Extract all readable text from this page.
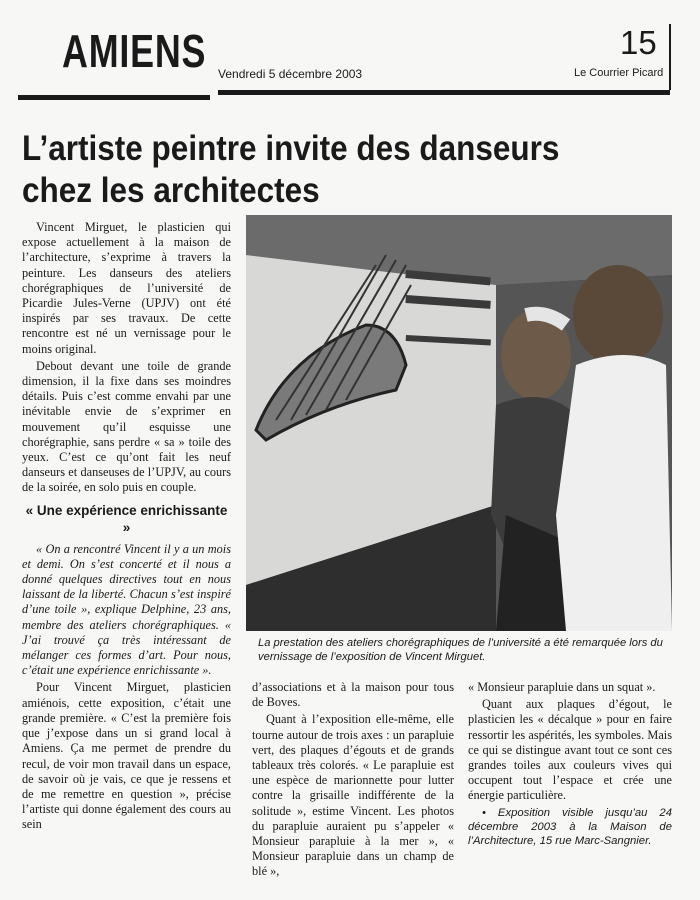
AMIENS Vendredi 5 décembre 2003	Le Courrier Picard
15
L’artiste peintre invite des danseurs chez les architectes

Vincent Mirguet, le plasticien qui expose actuellement à la maison de l’architecture, s’exprime à travers la peinture. Les danseurs des ateliers chorégraphiques de l’université de Picardie Jules-Verne (UPJV) ont été inspirés par ses travaux. De cette rencontre est né un vernissage pour le moins original.

Debout devant une toile de grande dimension, il la fixe dans ses moindres détails. Puis c’est comme envahi par une inévitable envie de s’exprimer en mouvement qu’il esquisse une chorégraphie, sans perdre « sa » toile des yeux. C’est ce qu’ont fait les neuf danseurs et danseuses de l’UPJV, au cours de la soirée, en solo puis en couple.

« Une expérience enrichissante »

« On a rencontré Vincent il y a un mois et demi. On s’est concerté et il nous a donné quelques directives tout en nous laissant de la liberté. Chacun s’est inspiré d’une toile », explique Delphine, 23 ans, membre des ateliers chorégraphiques. « J’ai trouvé ça très intéressant de mélanger ces formes d’art. Pour nous, c’était une expérience enrichissante ».

Pour Vincent Mirguet, plasticien amiénois, cette exposition, c’était une grande première. « C’est la première fois que j’expose dans un si grand local à Amiens. Ça me permet de prendre du recul, de voir mon travail dans un espace, de savoir où je vais, ce que je ressens et de me remettre en question », précise l’artiste qui donne également des cours au sein

La prestation des ateliers chorégraphiques de l’université a été remarquée lors du vernissage de l’exposition de Vincent Mirguet.

d’associations et à la maison pour tous de Boves.

Quant à l’exposition elle-même, elle tourne autour de trois axes : un parapluie vert, des plaques d’égouts et de grands tableaux très colorés. « Le parapluie est une espèce de marionnette pour lutter contre la grisaille indifférente de la solitude », estime Vincent. Les photos du parapluie auraient pu s’appeler « Monsieur parapluie à la mer », « Monsieur parapluie dans un champ de blé »,

« Monsieur parapluie dans un squat ».

Quant aux plaques d’égout, le plasticien les « décalque » pour en faire ressortir les aspérités, les symboles. Mais ce qui se distingue avant tout ce sont ces grandes toiles aux couleurs vives qui occupent tout l’espace et crée une énergie particulière.

• Exposition visible jusqu’au 24 décembre 2003 à la Maison de l’Architecture, 15 rue Marc-Sangnier.
